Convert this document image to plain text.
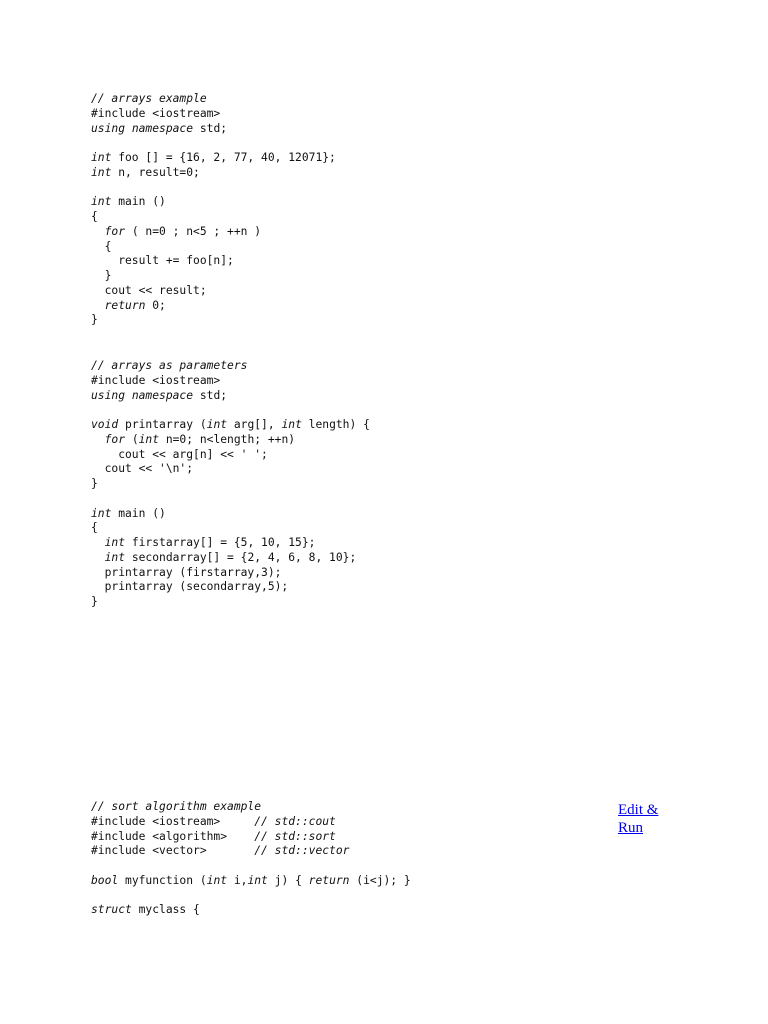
// arrays example
#include <iostream>
using namespace std;
int foo [] = {16, 2, 77, 40, 12071};
int n, result=0;
int main ()
{
for ( n=0 ; n<5 ; ++n )
{
result += foo[n];
}
cout << result;
return 0;
}
// arrays as parameters
#include <iostream>
using namespace std;
void printarray (int arg[], int length) {
for (int n=0; n<length; ++n)
cout << arg[n] << ' ';
cout << '\n';
}
int main ()
{
int firstarray[] = {5, 10, 15};
int secondarray[] = {2, 4, 6, 8, 10};
printarray (firstarray,3);
printarray (secondarray,5);
}
// sort algorithm example
#include <iostream>     // std::cout
#include <algorithm>    // std::sort
#include <vector>       // std::vector
bool myfunction (int i,int j) { return (i<j); }
struct myclass {
Edit & Run
